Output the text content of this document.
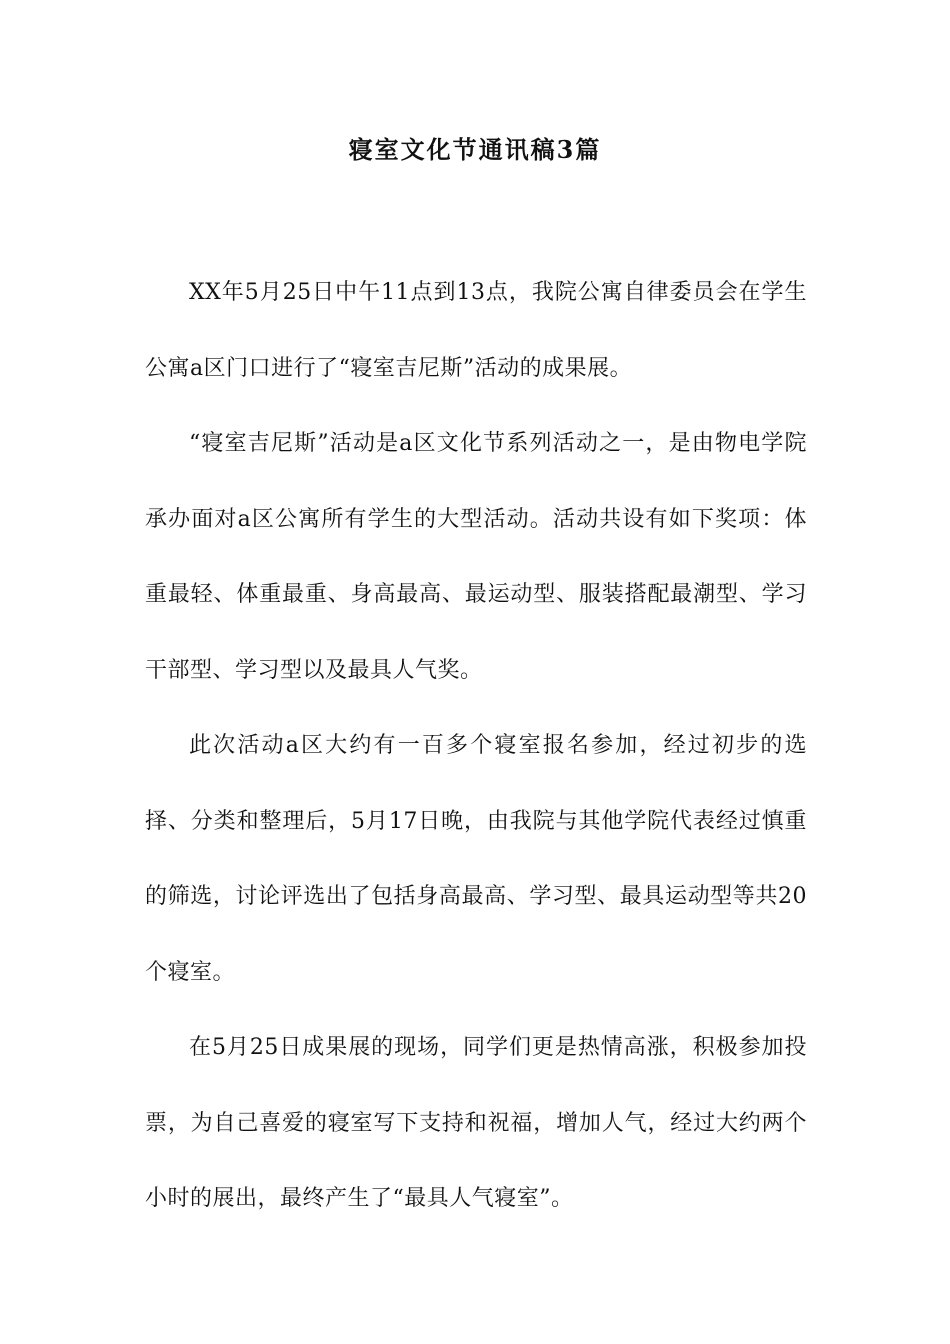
寝室文化节通讯稿3篇

XX年5月25日中午11点到13点，我院公寓自律委员会在学生公寓a区门口进行了“寝室吉尼斯”活动的成果展。

“寝室吉尼斯”活动是a区文化节系列活动之一，是由物电学院承办面对a区公寓所有学生的大型活动。活动共设有如下奖项：体重最轻、体重最重、身高最高、最运动型、服装搭配最潮型、学习干部型、学习型以及最具人气奖。

此次活动a区大约有一百多个寝室报名参加，经过初步的选择、分类和整理后，5月17日晚，由我院与其他学院代表经过慎重的筛选，讨论评选出了包括身高最高、学习型、最具运动型等共20个寝室。

在5月25日成果展的现场，同学们更是热情高涨，积极参加投票，为自己喜爱的寝室写下支持和祝福，增加人气，经过大约两个小时的展出，最终产生了“最具人气寝室”。
